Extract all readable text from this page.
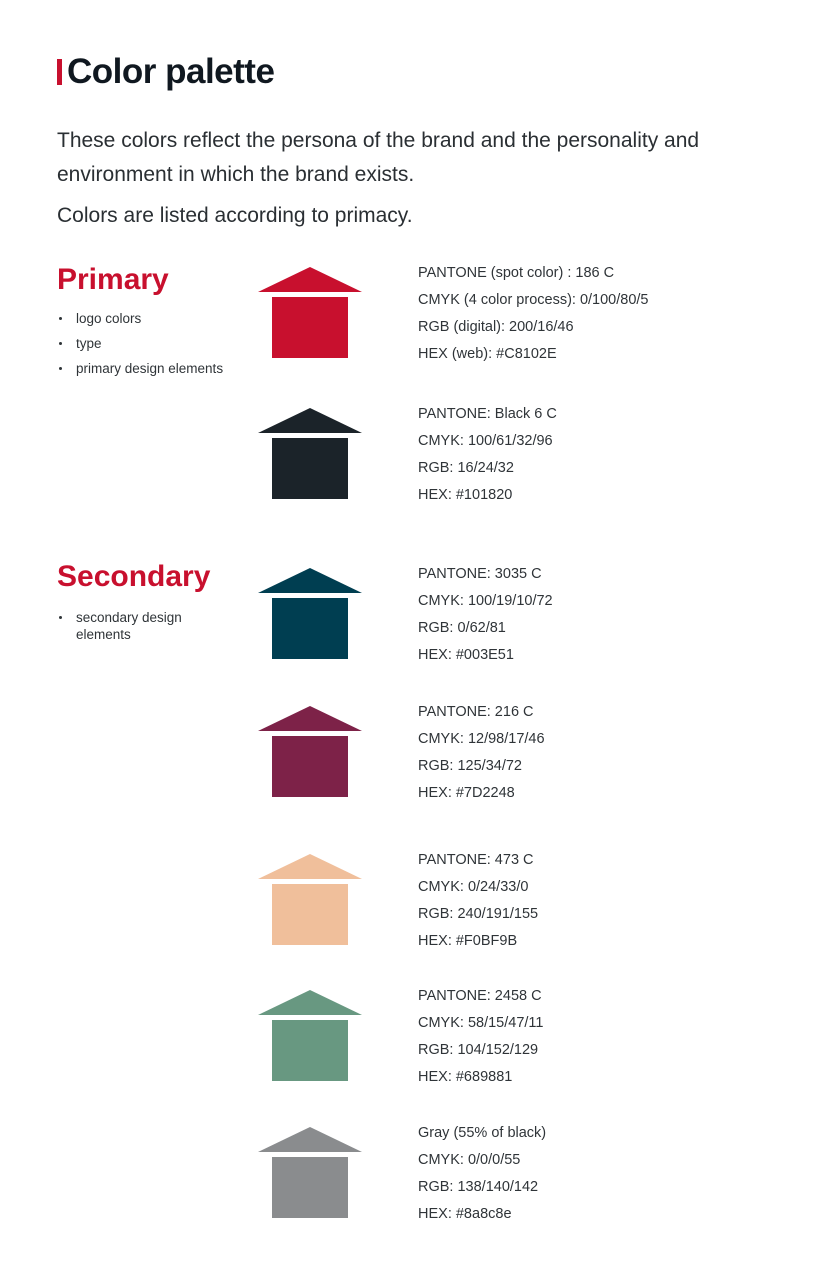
Color palette

These colors reflect the persona of the brand and the personality and environment in which the brand exists.

Colors are listed according to primacy.

Primary
logo colors
type
primary design elements
Secondary
secondary design elements
PANTONE (spot color) : 186 C
CMYK (4 color process): 0/100/80/5
RGB (digital): 200/16/46
HEX (web): #C8102E
PANTONE: Black 6 C
CMYK: 100/61/32/96
RGB: 16/24/32
HEX: #101820
PANTONE: 3035 C
CMYK: 100/19/10/72
RGB: 0/62/81
HEX: #003E51
PANTONE: 216 C
CMYK: 12/98/17/46
RGB: 125/34/72
HEX: #7D2248
PANTONE: 473 C
CMYK: 0/24/33/0
RGB: 240/191/155
HEX: #F0BF9B
PANTONE: 2458 C
CMYK: 58/15/47/11
RGB: 104/152/129
HEX: #689881
Gray (55% of black)
CMYK: 0/0/0/55
RGB: 138/140/142
HEX: #8a8c8e
